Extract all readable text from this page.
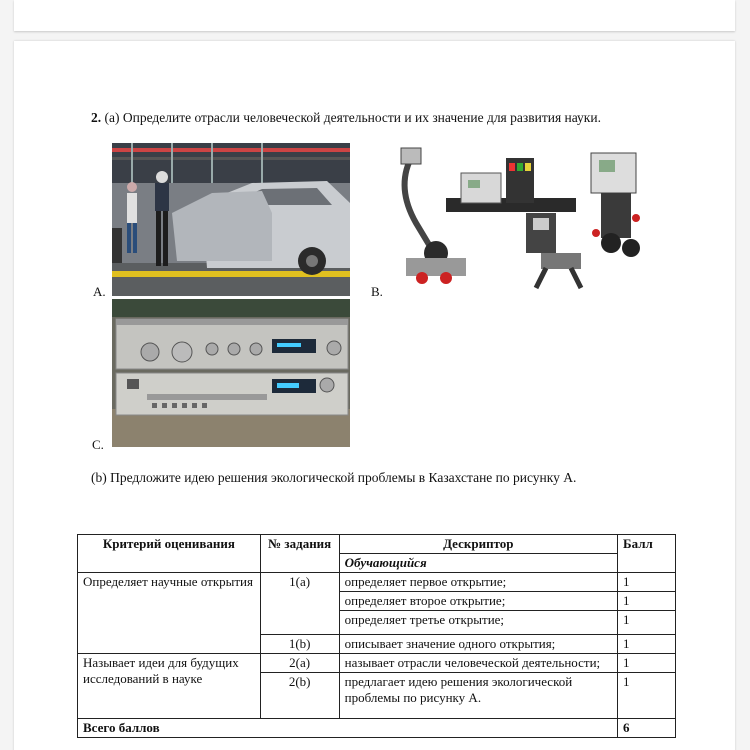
2. (a) Определите отрасли человеческой деятельности и их значение для развития науки.
A.	B.
C.
(b) Предложите идею решения экологической проблемы в Казахстане по рисунку А.
Критерий оценивания	№ задания	Дескриптор	Балл
		Обучающийся	
Определяет научные открытия	1(a)	определяет первое открытие;	1
		определяет второе открытие;	1
		определяет третье открытие;	1
	1(b)	описывает значение одного открытия;	1
Называет идеи для будущих исследований в науке	2(a)	называет отрасли человеческой деятельности;	1
	2(b)	предлагает идею решения экологической проблемы по рисунку А.	1
Всего баллов			6
